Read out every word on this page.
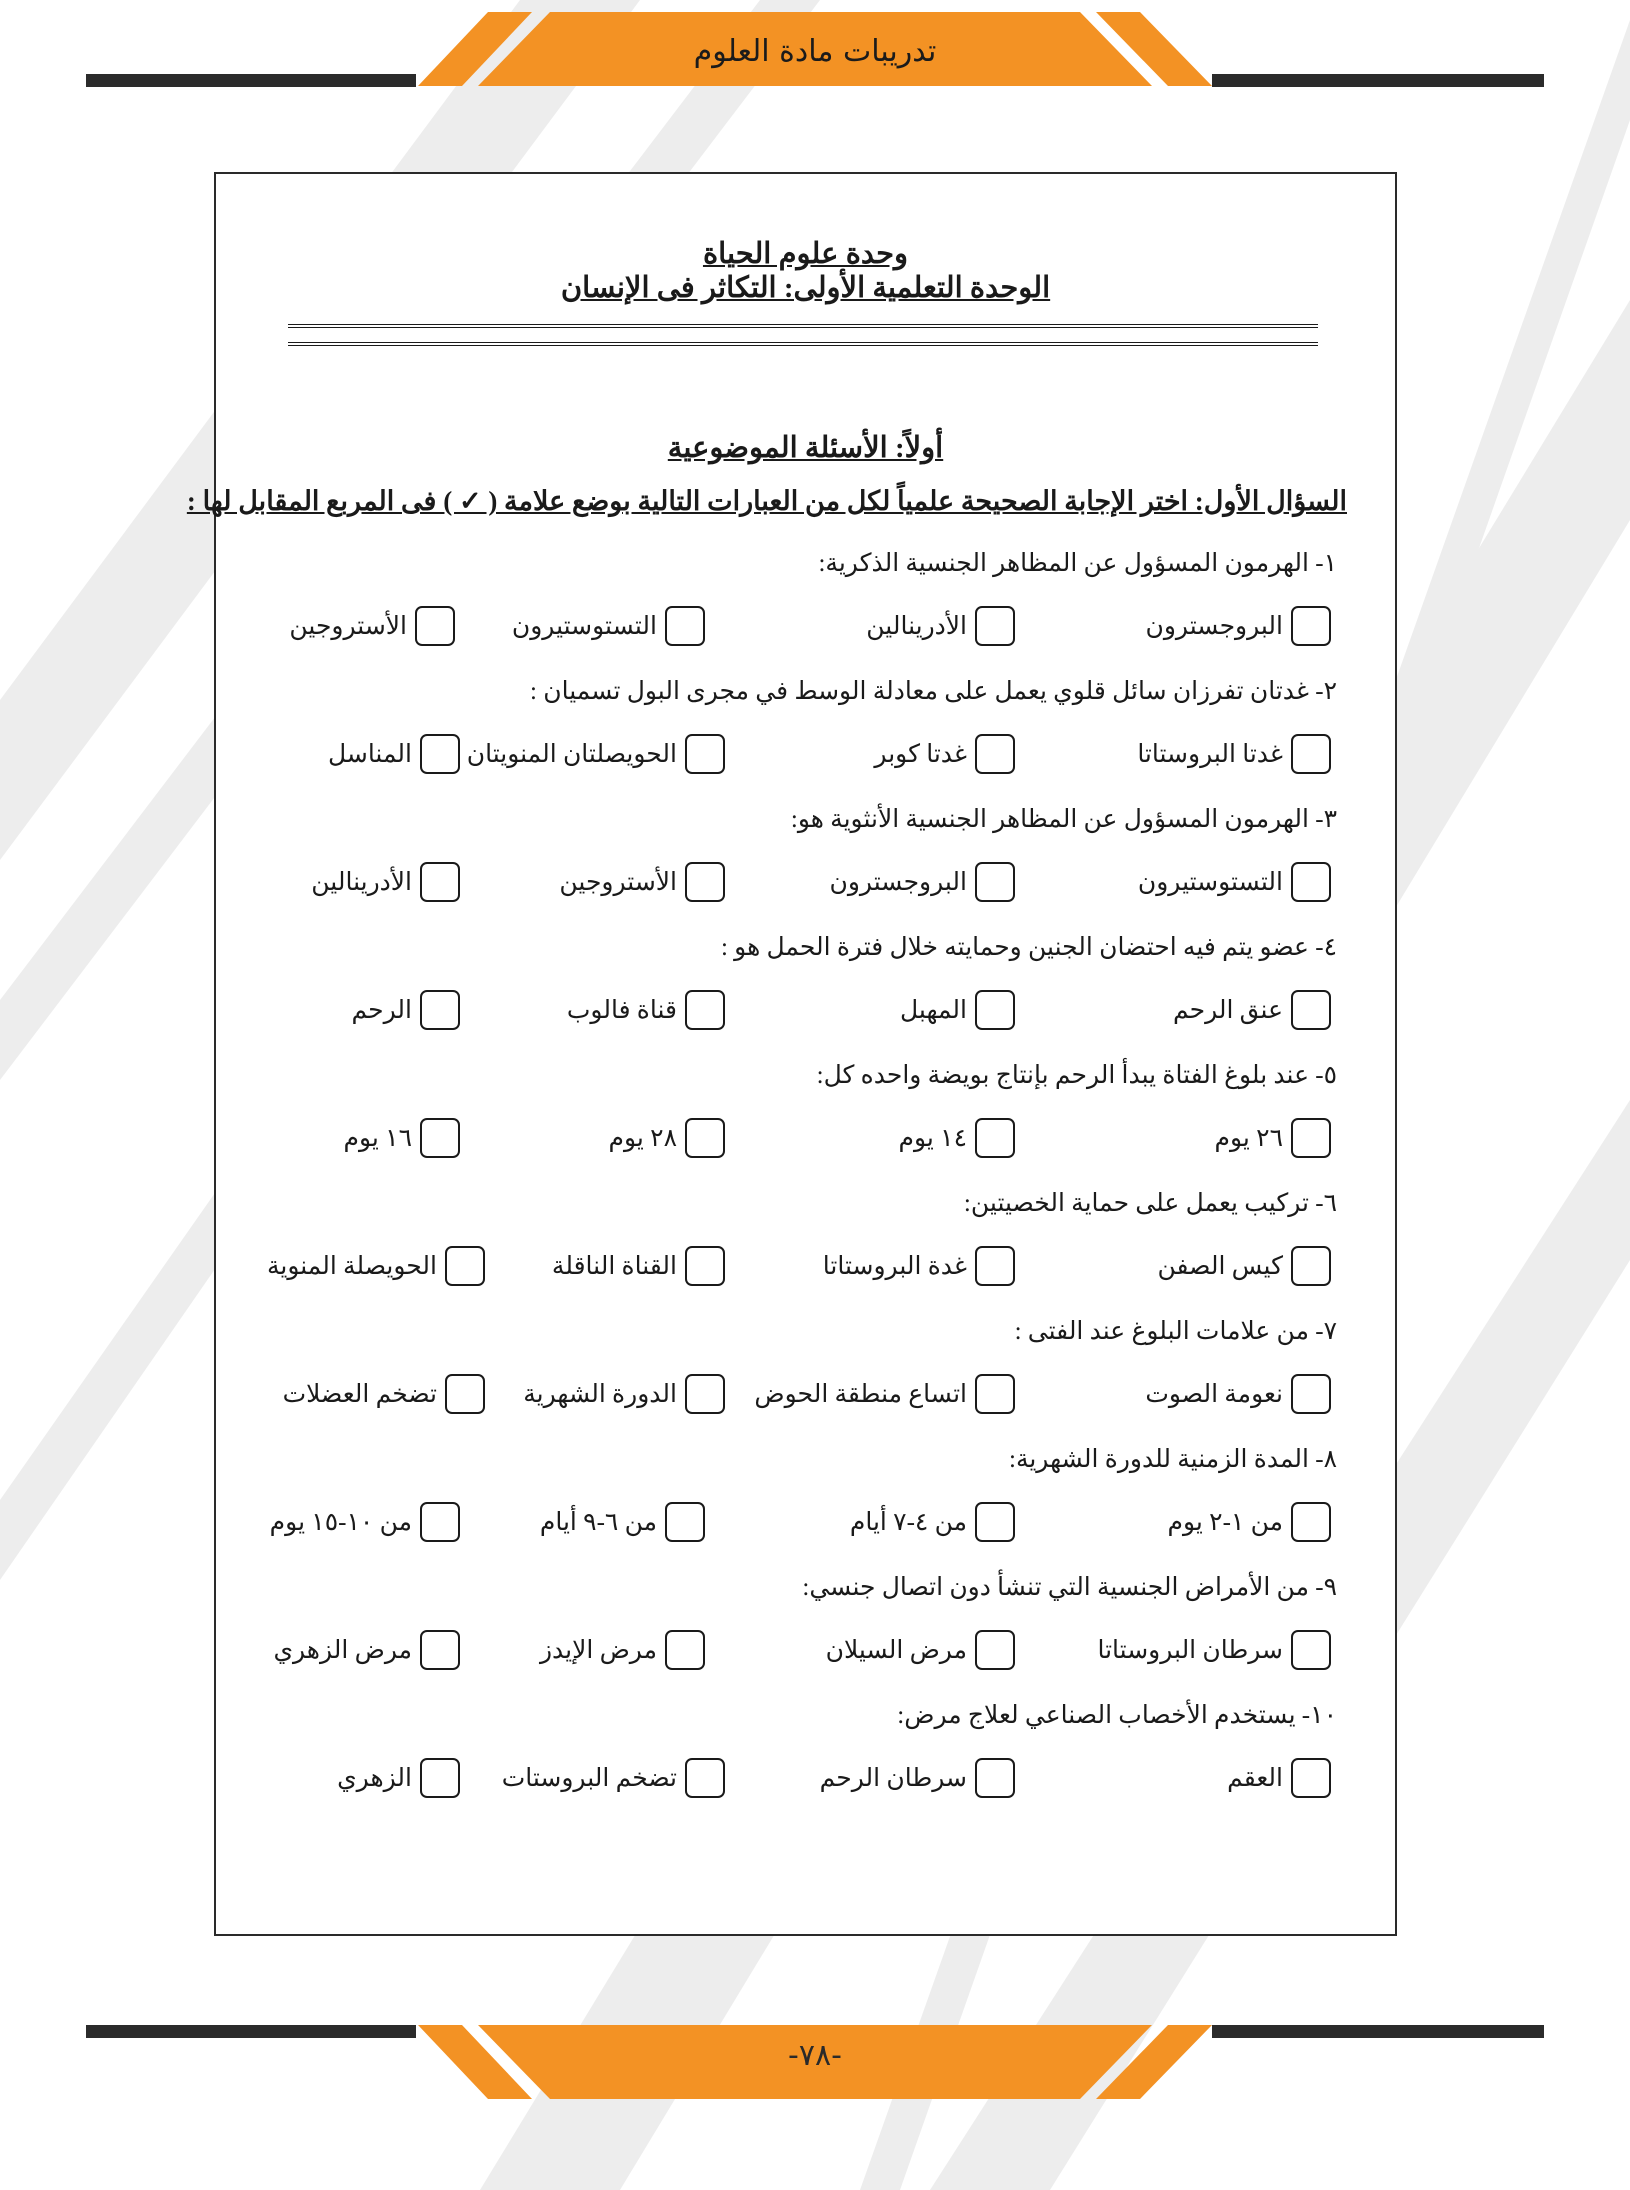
تدريبات مادة العلوم
-٧٨-
وحدة علوم الحياة
الوحدة التعلمية الأولى: التكاثر فى الإنسان
أولاً: الأسئلة الموضوعية
السؤال الأول: اختر الإجابة الصحيحة علمياً لكل من العبارات التالية بوضع علامة ( ✓ ) فى المربع المقابل لها :
١- الهرمون المسؤول عن المظاهر الجنسية الذكرية:
البروجسترون
الأدرينالين
التستوستيرون
الأستروجين
٢- غدتان تفرزان سائل قلوي يعمل على معادلة الوسط في مجرى البول تسميان :
غدتا البروستاتا
غدتا كوبر
الحويصلتان المنويتان
المناسل
٣- الهرمون المسؤول عن المظاهر الجنسية الأنثوية هو:
التستوستيرون
البروجسترون
الأستروجين
الأدرينالين
٤- عضو يتم فيه احتضان الجنين وحمايته خلال فترة الحمل هو :
عنق الرحم
المهبل
قناة فالوب
الرحم
٥- عند بلوغ الفتاة يبدأ الرحم بإنتاج بويضة واحده كل:
٢٦ يوم
١٤ يوم
٢٨ يوم
١٦ يوم
٦- تركيب يعمل على حماية الخصيتين:
كيس الصفن
غدة البروستاتا
القناة الناقلة
الحويصلة المنوية
٧- من علامات البلوغ عند الفتى :
نعومة الصوت
اتساع منطقة الحوض
الدورة الشهرية
تضخم العضلات
٨- المدة الزمنية للدورة الشهرية:
من ١-٢ يوم
من ٤-٧ أيام
من ٦-٩ أيام
من ١٠-١٥ يوم
٩- من الأمراض الجنسية التي تنشأ دون اتصال جنسي:
سرطان البروستاتا
مرض السيلان
مرض الإيدز
مرض الزهري
١٠- يستخدم الأخصاب الصناعي لعلاج مرض:
العقم
سرطان الرحم
تضخم البروستات
الزهري
